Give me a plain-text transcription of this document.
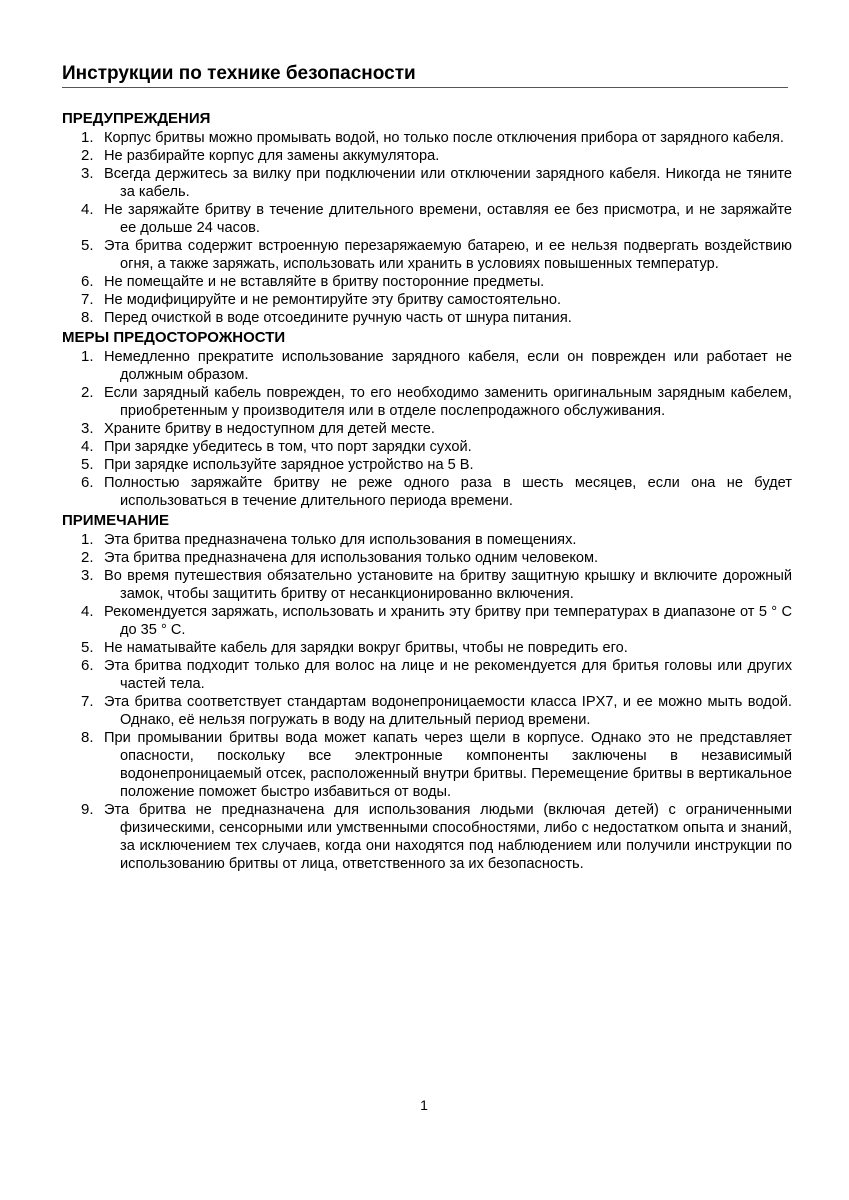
Инструкции по технике безопасности
ПРЕДУПРЕЖДЕНИЯ
1. Корпус бритвы можно промывать водой, но только после отключения прибора от зарядного кабеля.
2. Не разбирайте корпус для замены аккумулятора.
3. Всегда держитесь за вилку при подключении или отключении зарядного кабеля. Никогда не тяните за кабель.
4. Не заряжайте бритву в течение длительного времени, оставляя ее без присмотра, и не заряжайте ее дольше 24 часов.
5. Эта бритва содержит встроенную перезаряжаемую батарею, и ее нельзя подвергать воздействию огня, а также заряжать, использовать или хранить в условиях повышенных температур.
6. Не помещайте и не вставляйте в бритву посторонние предметы.
7. Не модифицируйте и не ремонтируйте эту бритву самостоятельно.
8. Перед очисткой в воде отсоедините ручную часть от шнура питания.
МЕРЫ ПРЕДОСТОРОЖНОСТИ
1. Немедленно прекратите использование зарядного кабеля, если он поврежден или работает не должным образом.
2. Если зарядный кабель поврежден, то его необходимо заменить оригинальным зарядным кабелем, приобретенным у производителя или в отделе послепродажного обслуживания.
3. Храните бритву в недоступном для детей месте.
4. При зарядке убедитесь в том, что порт зарядки сухой.
5. При зарядке используйте зарядное устройство на 5 В.
6. Полностью заряжайте бритву не реже одного раза в шесть месяцев, если она не будет использоваться в течение длительного периода времени.
ПРИМЕЧАНИЕ
1. Эта бритва предназначена только для использования в помещениях.
2. Эта бритва предназначена для использования только одним человеком.
3. Во время путешествия обязательно установите на бритву защитную крышку и включите дорожный замок, чтобы защитить бритву от несанкционированно включения.
4. Рекомендуется заряжать, использовать и хранить эту бритву при температурах в диапазоне от 5 ° C до 35 ° C.
5. Не наматывайте кабель для зарядки вокруг бритвы, чтобы не повредить его.
6. Эта бритва подходит только для волос на лице и не рекомендуется для бритья головы или других частей тела.
7. Эта бритва соответствует стандартам водонепроницаемости класса IPX7, и ее можно мыть водой. Однако, её нельзя погружать в воду на длительный период времени.
8. При промывании бритвы вода может капать через щели в корпусе. Однако это не представляет опасности, поскольку все электронные компоненты заключены в независимый водонепроницаемый отсек, расположенный внутри бритвы. Перемещение бритвы в вертикальное положение поможет быстро избавиться от воды.
9. Эта бритва не предназначена для использования людьми (включая детей) с ограниченными физическими, сенсорными или умственными способностями, либо с недостатком опыта и знаний, за исключением тех случаев, когда они находятся под наблюдением или получили инструкции по использованию бритвы от лица, ответственного за их безопасность.
1
